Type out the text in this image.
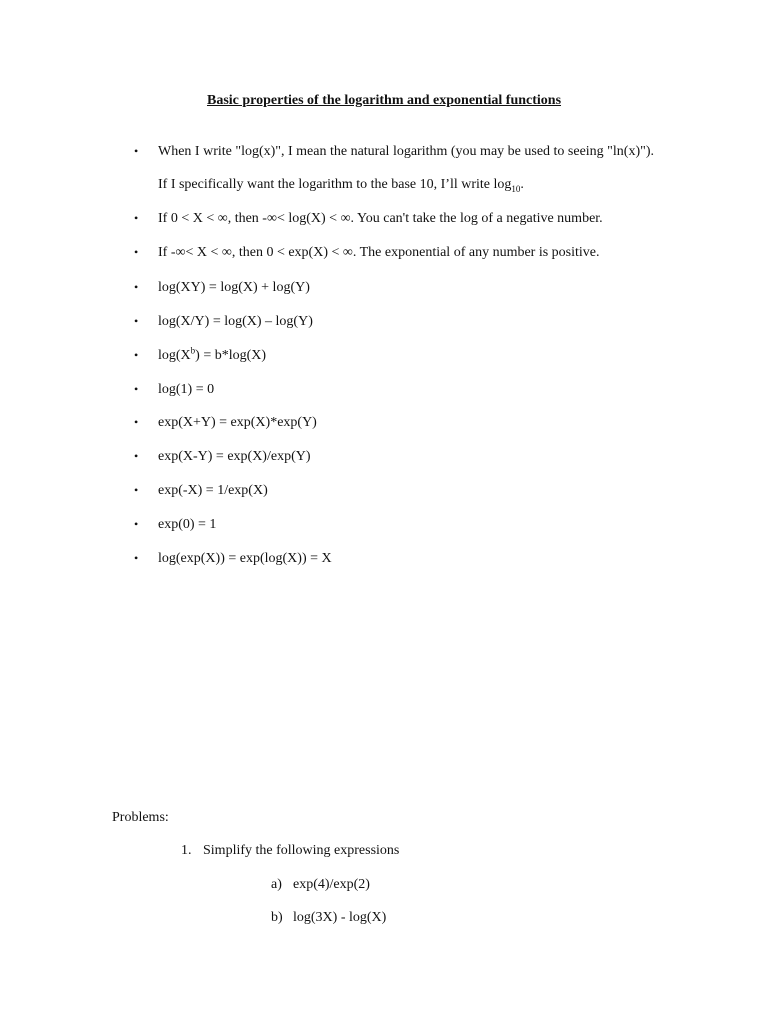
Basic properties of the logarithm and exponential functions
• When I write "log(x)", I mean the natural logarithm (you may be used to seeing "ln(x)").
If I specifically want the logarithm to the base 10, I’ll write $\log_{10}$.
• If 0 < X < ∞, then -∞< log(X) < ∞. You can't take the log of a negative number.
• If -∞< X < ∞, then 0 < exp(X) < ∞. The exponential of any number is positive.
• log(XY) = log(X) + log(Y)
• log(X/Y) = log(X) – log(Y)
• $\log(X^b) = b*\log(X)$
• log(1) = 0
• exp(X+Y) = exp(X)*exp(Y)
• exp(X-Y) = exp(X)/exp(Y)
• exp(-X) = 1/exp(X)
• exp(0) = 1
• log(exp(X)) = exp(log(X)) = X
Problems:
1. Simplify the following expressions
a) exp(4)/exp(2)
b) log(3X) - log(X)
